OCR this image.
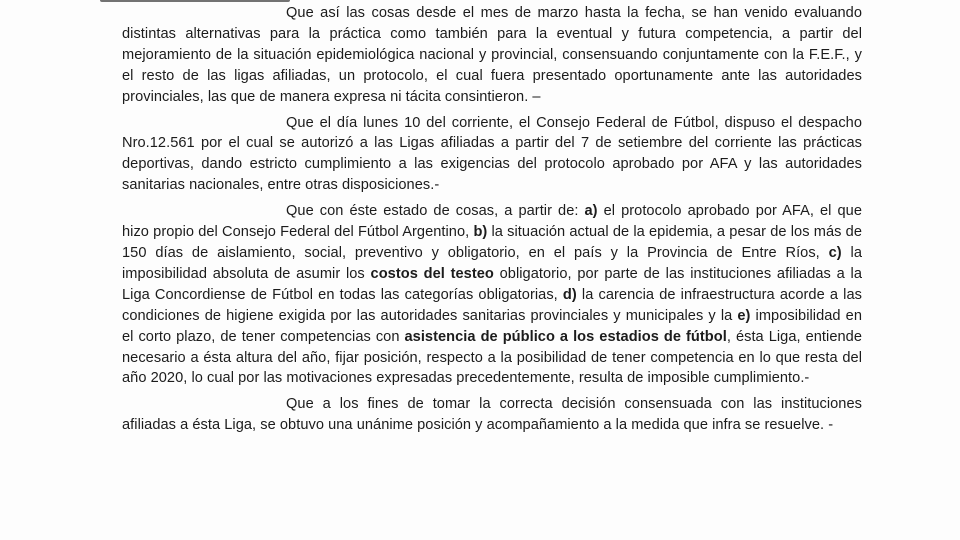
Que así las cosas desde el mes de marzo hasta la fecha, se han venido evaluando distintas alternativas para la práctica como también para la eventual y futura competencia, a partir del mejoramiento de la situación epidemiológica nacional y provincial, consensuando conjuntamente con la F.E.F., y el resto de las ligas afiliadas, un protocolo, el cual fuera presentado oportunamente ante las autoridades provinciales, las que de manera expresa ni tácita consintieron. –

Que el día lunes 10 del corriente, el Consejo Federal de Fútbol, dispuso el despacho Nro.12.561 por el cual se autorizó a las Ligas afiliadas a partir del 7 de setiembre del corriente las prácticas deportivas, dando estricto cumplimiento a las exigencias del protocolo aprobado por AFA y las autoridades sanitarias nacionales, entre otras disposiciones.-

Que con éste estado de cosas, a partir de: a) el protocolo aprobado por AFA, el que hizo propio del Consejo Federal del Fútbol Argentino, b) la situación actual de la epidemia, a pesar de los más de 150 días de aislamiento, social, preventivo y obligatorio, en el país y la Provincia de Entre Ríos, c) la imposibilidad absoluta de asumir los costos del testeo obligatorio, por parte de las instituciones afiliadas a la Liga Concordiense de Fútbol en todas las categorías obligatorias, d) la carencia de infraestructura acorde a las condiciones de higiene exigida por las autoridades sanitarias provinciales y municipales y la e) imposibilidad en el corto plazo, de tener competencias con asistencia de público a los estadios de fútbol, ésta Liga, entiende necesario a ésta altura del año, fijar posición, respecto a la posibilidad de tener competencia en lo que resta del año 2020, lo cual por las motivaciones expresadas precedentemente, resulta de imposible cumplimiento.-

Que a los fines de tomar la correcta decisión consensuada con las instituciones afiliadas a ésta Liga, se obtuvo una unánime posición y acompañamiento a la medida que infra se resuelve. -
